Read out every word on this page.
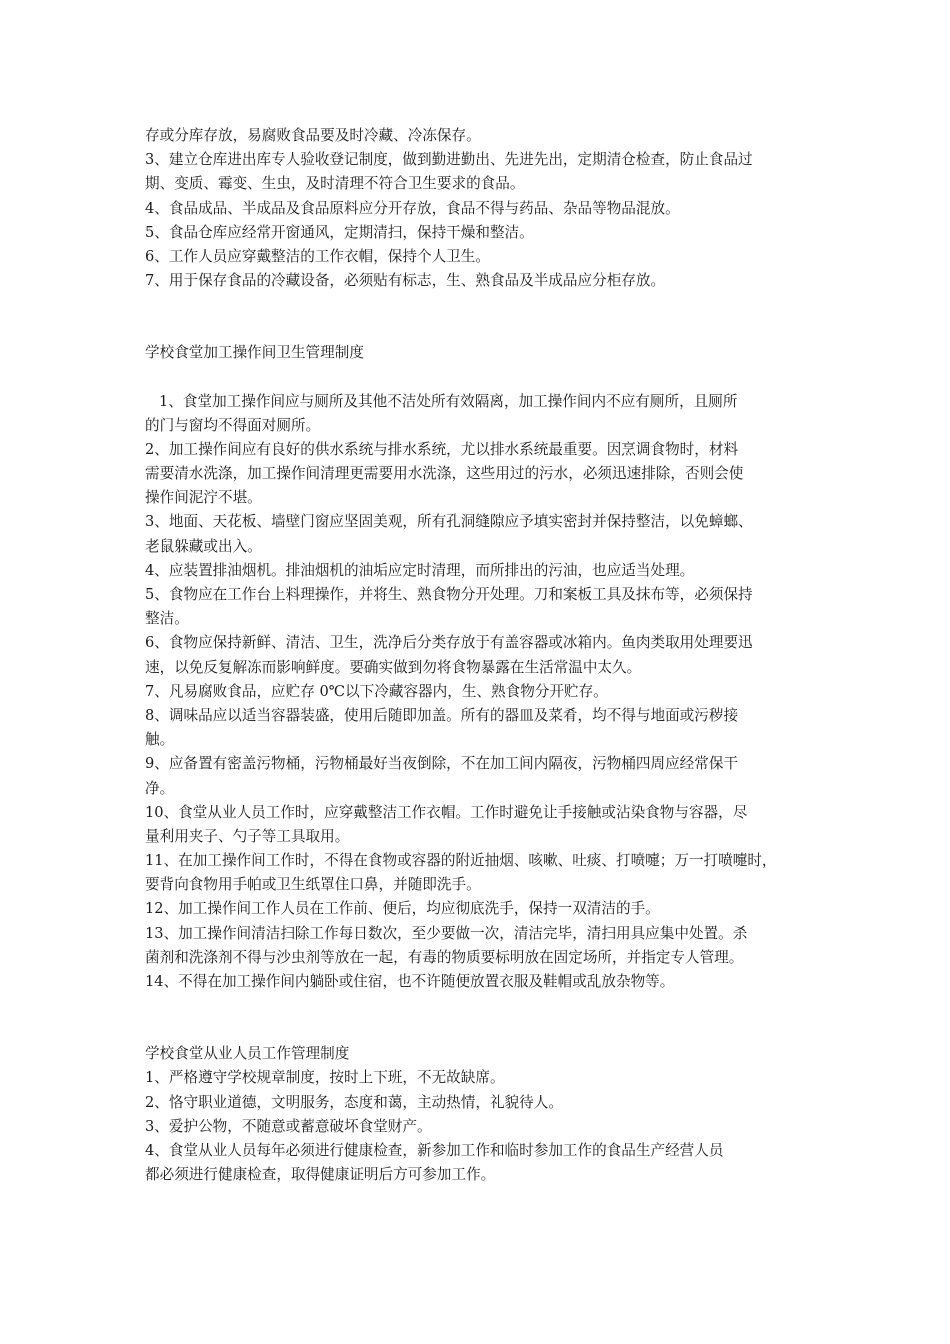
存或分库存放，易腐败食品要及时冷藏、冷冻保存。

3、建立仓库进出库专人验收登记制度，做到勤进勤出、先进先出，定期清仓检查，防止食品过

期、变质、霉变、生虫，及时清理不符合卫生要求的食品。

4、食品成品、半成品及食品原料应分开存放，食品不得与药品、杂品等物品混放。

5、食品仓库应经常开窗通风，定期清扫，保持干燥和整洁。

6、工作人员应穿戴整洁的工作衣帽，保持个人卫生。

7、用于保存食品的冷藏设备，必须贴有标志，生、熟食品及半成品应分柜存放。

学校食堂加工操作间卫生管理制度

1、食堂加工操作间应与厕所及其他不洁处所有效隔离，加工操作间内不应有厕所，且厕所

的门与窗均不得面对厕所。

2、加工操作间应有良好的供水系统与排水系统，尤以排水系统最重要。因烹调食物时，材料

需要清水洗涤，加工操作间清理更需要用水洗涤，这些用过的污水，必须迅速排除，否则会使

操作间泥泞不堪。

3、地面、天花板、墙壁门窗应坚固美观，所有孔洞缝隙应予填实密封并保持整洁，以免蟑螂、

老鼠躲藏或出入。

4、应装置排油烟机。排油烟机的油垢应定时清理，而所排出的污油，也应适当处理。

5、食物应在工作台上料理操作，并将生、熟食物分开处理。刀和案板工具及抹布等，必须保持

整洁。

6、食物应保持新鲜、清洁、卫生，洗净后分类存放于有盖容器或冰箱内。鱼肉类取用处理要迅

速，以免反复解冻而影响鲜度。要确实做到勿将食物暴露在生活常温中太久。

7、凡易腐败食品，应贮存 0℃以下冷藏容器内，生、熟食物分开贮存。

8、调味品应以适当容器装盛，使用后随即加盖。所有的器皿及菜肴，均不得与地面或污秽接

触。

9、应备置有密盖污物桶，污物桶最好当夜倒除，不在加工间内隔夜，污物桶四周应经常保干

净。

10、食堂从业人员工作时，应穿戴整洁工作衣帽。工作时避免让手接触或沾染食物与容器，尽

量利用夹子、勺子等工具取用。

11、在加工操作间工作时，不得在食物或容器的附近抽烟、咳嗽、吐痰、打喷嚏；万一打喷嚏时，

要背向食物用手帕或卫生纸罩住口鼻，并随即洗手。

12、加工操作间工作人员在工作前、便后，均应彻底洗手，保持一双清洁的手。

13、加工操作间清洁扫除工作每日数次，至少要做一次，清洁完毕，清扫用具应集中处置。杀

菌剂和洗涤剂不得与沙虫剂等放在一起，有毒的物质要标明放在固定场所，并指定专人管理。

14、不得在加工操作间内躺卧或住宿，也不许随便放置衣服及鞋帽或乱放杂物等。

学校食堂从业人员工作管理制度

1、严格遵守学校规章制度，按时上下班，不无故缺席。

2、恪守职业道德，文明服务，态度和蔼，主动热情，礼貌待人。

3、爱护公物，不随意或蓄意破坏食堂财产。

4、食堂从业人员每年必须进行健康检查，新参加工作和临时参加工作的食品生产经营人员

都必须进行健康检查，取得健康证明后方可参加工作。
